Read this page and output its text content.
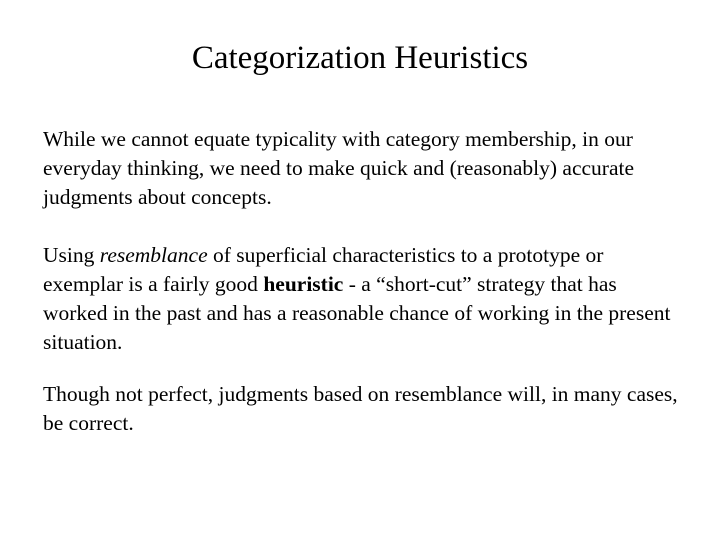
Categorization Heuristics

While we cannot equate typicality with category membership, in our everyday thinking, we need to make quick and (reasonably) accurate judgments about concepts.

Using resemblance of superficial characteristics to a prototype or exemplar is a fairly good heuristic - a “short-cut” strategy that has worked in the past and has a reasonable chance of working in the present situation.

Though not perfect, judgments based on resemblance will, in many cases, be correct.
